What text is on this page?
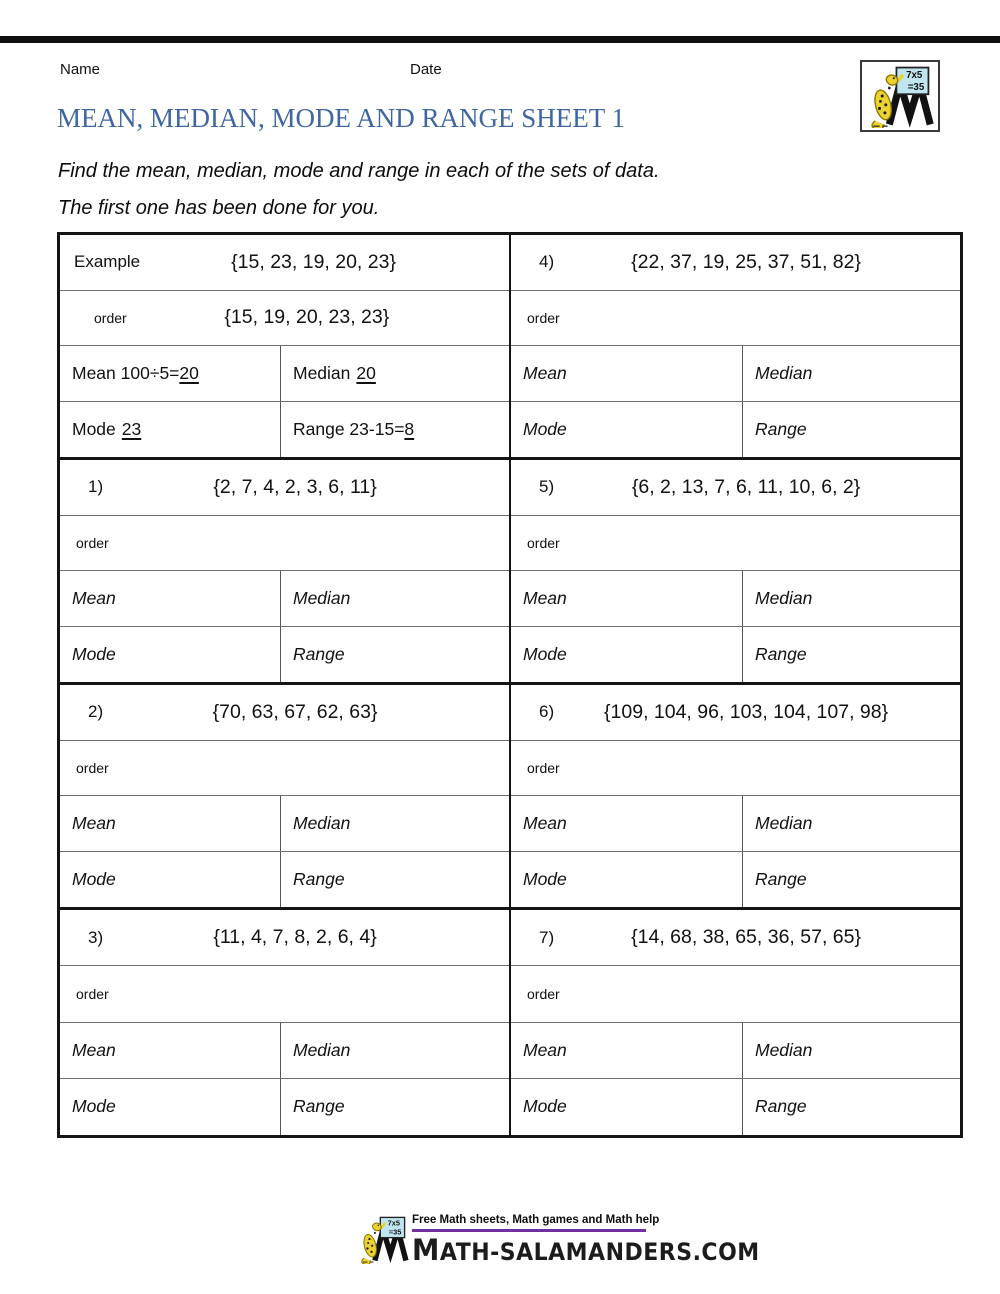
Name	Date	7x5
=35
MEAN, MEDIAN, MODE AND RANGE SHEET 1
Find the mean, median, mode and range in each of the sets of data.
The first one has been done for you.
Example	{15, 23, 19, 20, 23}
order	{15, 19, 20, 23, 23}
Mean 100÷5= 20	Median 20
Mode 23	Range 23-15= 8
4)	{22, 37, 19, 25, 37, 51, 82}
order
Mean	Median
Mode	Range
1)	{2, 7, 4, 2, 3, 6, 11}
order
Mean	Median
Mode	Range
5)	{6, 2, 13, 7, 6, 11, 10, 6, 2}
order
Mean	Median
Mode	Range
2)	{70, 63, 67, 62, 63}
order
Mean	Median
Mode	Range
6)	{109, 104, 96, 103, 104, 107, 98}
order
Mean	Median
Mode	Range
3)	{11, 4, 7, 8, 2, 6, 4}
order
Mean	Median
Mode	Range
7)	{14, 68, 38, 65, 36, 57, 65}
order
Mean	Median
Mode	Range
7x5
=35
Free Math sheets, Math games and Math help
MATH-SALAMANDERS.COM
